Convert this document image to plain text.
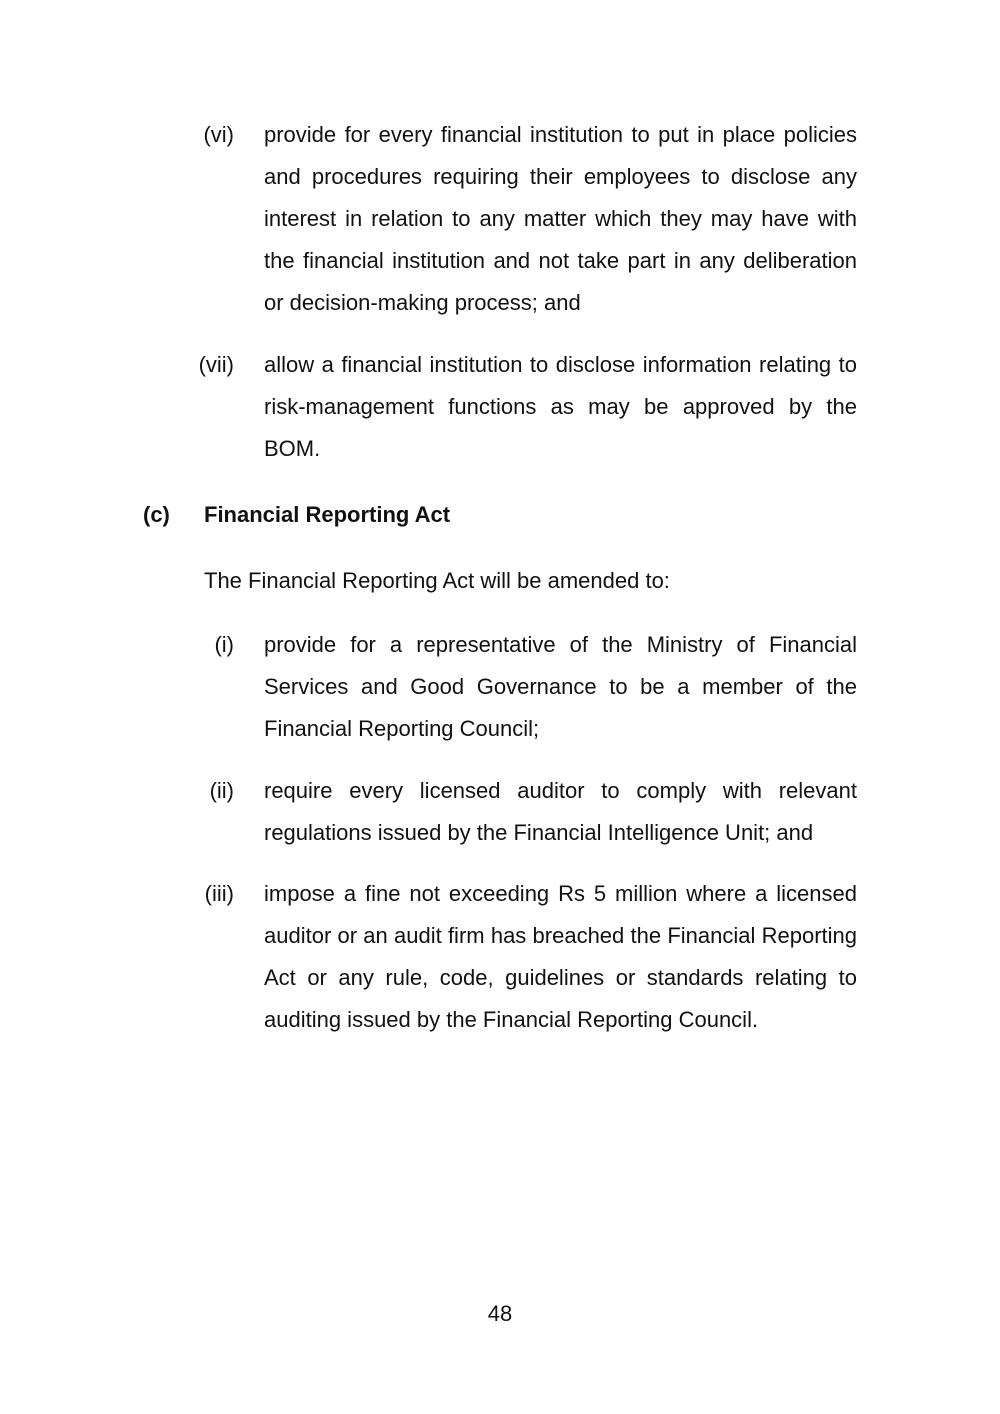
(vi) provide for every financial institution to put in place policies and procedures requiring their employees to disclose any interest in relation to any matter which they may have with the financial institution and not take part in any deliberation or decision-making process; and
(vii) allow a financial institution to disclose information relating to risk-management functions as may be approved by the BOM.
(c) Financial Reporting Act
The Financial Reporting Act will be amended to:
(i) provide for a representative of the Ministry of Financial Services and Good Governance to be a member of the Financial Reporting Council;
(ii) require every licensed auditor to comply with relevant regulations issued by the Financial Intelligence Unit; and
(iii) impose a fine not exceeding Rs 5 million where a licensed auditor or an audit firm has breached the Financial Reporting Act or any rule, code, guidelines or standards relating to auditing issued by the Financial Reporting Council.
48
